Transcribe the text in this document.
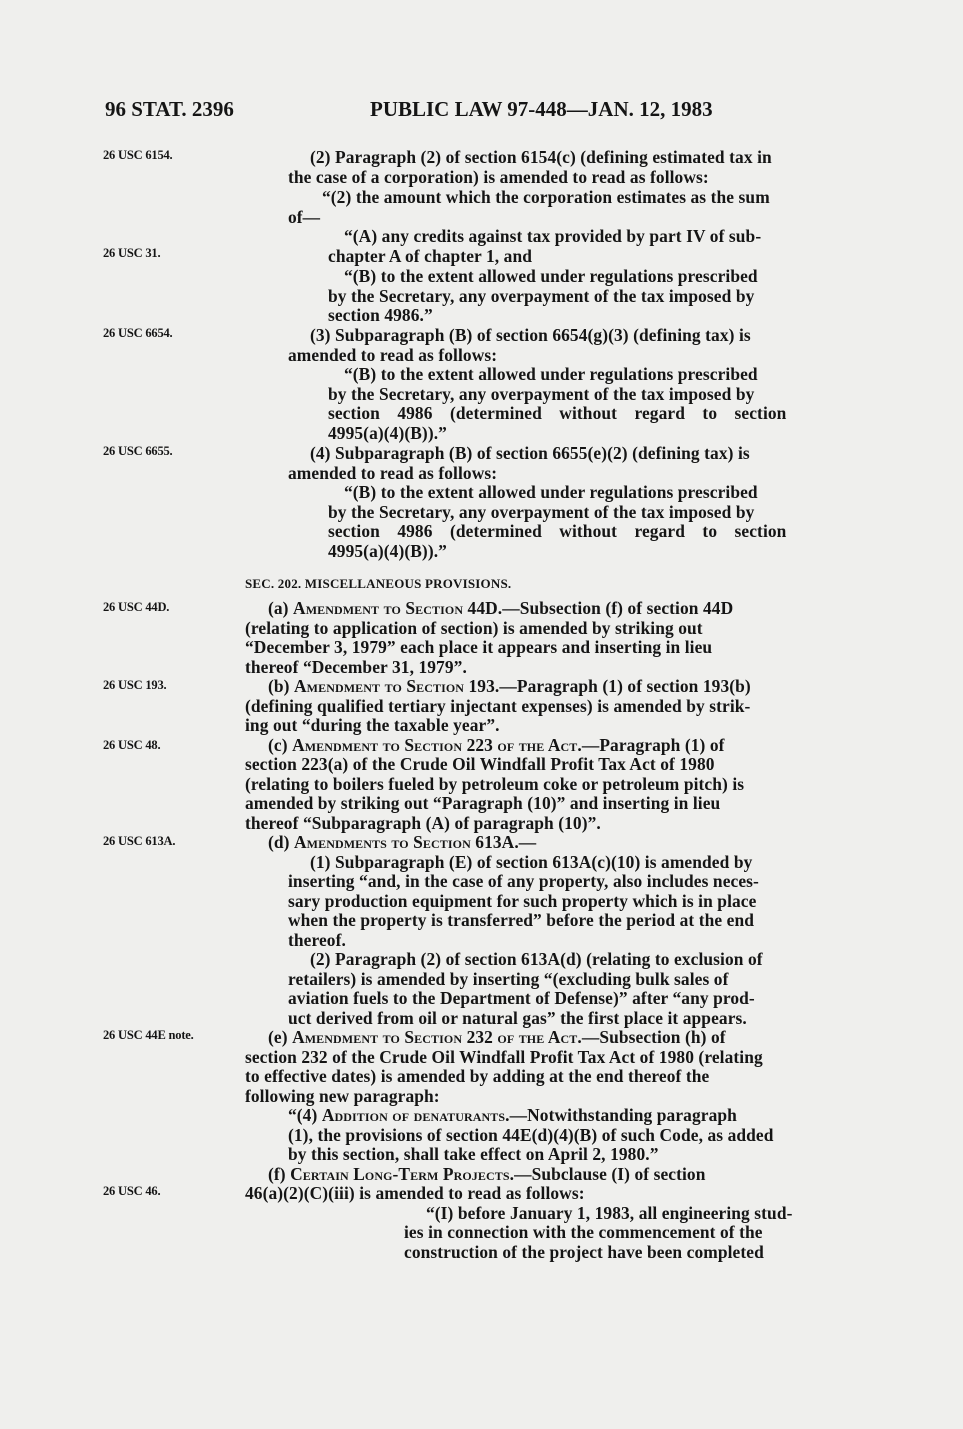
96 STAT. 2396	PUBLIC LAW 97-448—JAN. 12, 1983
26 USC 6154.
26 USC 31.
26 USC 6654.
26 USC 6655.
26 USC 44D.
26 USC 193.
26 USC 48.
26 USC 613A.
26 USC 44E note.
26 USC 46.
(2) Paragraph (2) of section 6154(c) (defining estimated tax in
the case of a corporation) is amended to read as follows:
“(2) the amount which the corporation estimates as the sum
of—
“(A) any credits against tax provided by part IV of sub-
chapter A of chapter 1, and
“(B) to the extent allowed under regulations prescribed
by the Secretary, any overpayment of the tax imposed by
section 4986.”
(3) Subparagraph (B) of section 6654(g)(3) (defining tax) is
amended to read as follows:
“(B) to the extent allowed under regulations prescribed
by the Secretary, any overpayment of the tax imposed by
section 4986 (determined without regard to section
4995(a)(4)(B)).”
(4) Subparagraph (B) of section 6655(e)(2) (defining tax) is
amended to read as follows:
“(B) to the extent allowed under regulations prescribed
by the Secretary, any overpayment of the tax imposed by
section 4986 (determined without regard to section
4995(a)(4)(B)).”
SEC. 202. MISCELLANEOUS PROVISIONS.
(a) Amendment to Section 44D.—Subsection (f) of section 44D
(relating to application of section) is amended by striking out
“December 3, 1979” each place it appears and inserting in lieu
thereof “December 31, 1979”.
(b) Amendment to Section 193.—Paragraph (1) of section 193(b)
(defining qualified tertiary injectant expenses) is amended by strik-
ing out “during the taxable year”.
(c) Amendment to Section 223 of the Act.—Paragraph (1) of
section 223(a) of the Crude Oil Windfall Profit Tax Act of 1980
(relating to boilers fueled by petroleum coke or petroleum pitch) is
amended by striking out “Paragraph (10)” and inserting in lieu
thereof “Subparagraph (A) of paragraph (10)”.
(d) Amendments to Section 613A.—
(1) Subparagraph (E) of section 613A(c)(10) is amended by
inserting “and, in the case of any property, also includes neces-
sary production equipment for such property which is in place
when the property is transferred” before the period at the end
thereof.
(2) Paragraph (2) of section 613A(d) (relating to exclusion of
retailers) is amended by inserting “(excluding bulk sales of
aviation fuels to the Department of Defense)” after “any prod-
uct derived from oil or natural gas” the first place it appears.
(e) Amendment to Section 232 of the Act.—Subsection (h) of
section 232 of the Crude Oil Windfall Profit Tax Act of 1980 (relating
to effective dates) is amended by adding at the end thereof the
following new paragraph:
“(4) Addition of denaturants.—Notwithstanding paragraph
(1), the provisions of section 44E(d)(4)(B) of such Code, as added
by this section, shall take effect on April 2, 1980.”
(f) Certain Long-Term Projects.—Subclause (I) of section
46(a)(2)(C)(iii) is amended to read as follows:
“(I) before January 1, 1983, all engineering stud-
ies in connection with the commencement of the
construction of the project have been completed
